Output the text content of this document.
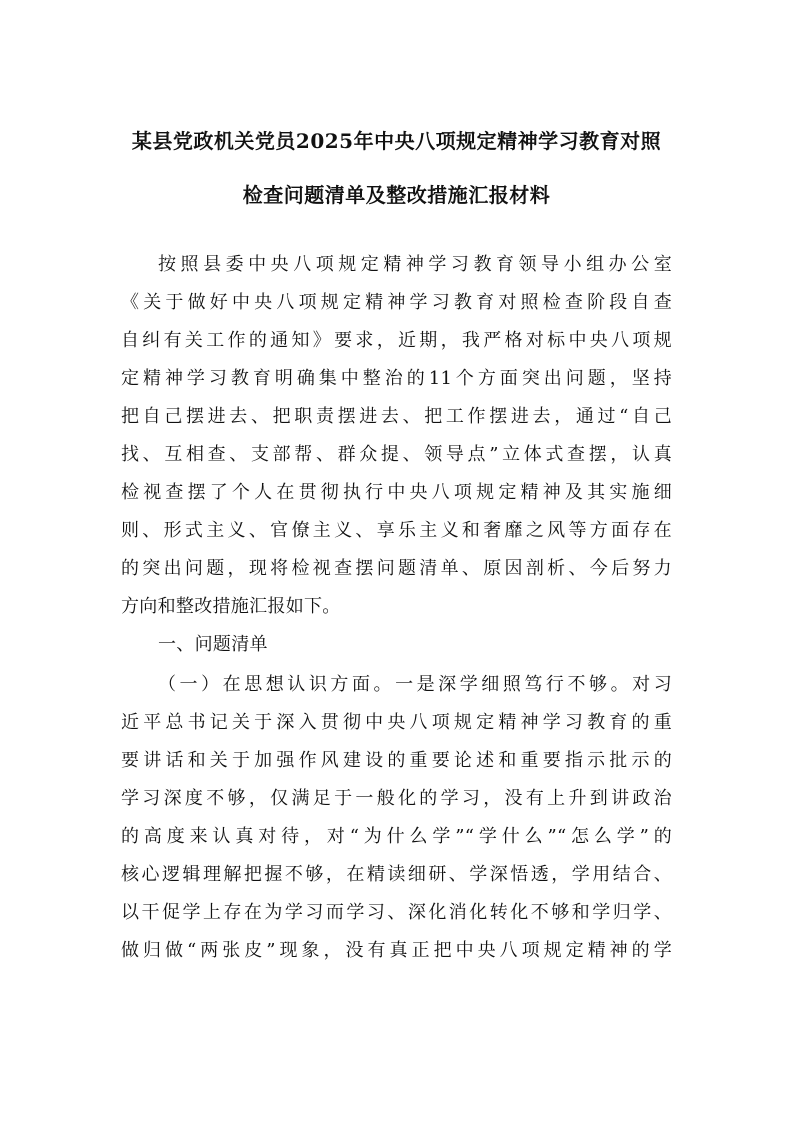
某县党政机关党员2025年中央八项规定精神学习教育对照
检查问题清单及整改措施汇报材料
按照县委中央八项规定精神学习教育领导小组办公室
《关于做好中央八项规定精神学习教育对照检查阶段自查
自纠有关工作的通知》要求，近期，我严格对标中央八项规
定精神学习教育明确集中整治的11个方面突出问题，坚持
把自己摆进去、把职责摆进去、把工作摆进去，通过“自己
找、互相查、支部帮、群众提、领导点”立体式查摆，认真
检视查摆了个人在贯彻执行中央八项规定精神及其实施细
则、形式主义、官僚主义、享乐主义和奢靡之风等方面存在
的突出问题，现将检视查摆问题清单、原因剖析、今后努力
方向和整改措施汇报如下。
一、问题清单
（一）在思想认识方面。一是深学细照笃行不够。对习
近平总书记关于深入贯彻中央八项规定精神学习教育的重
要讲话和关于加强作风建设的重要论述和重要指示批示的
学习深度不够，仅满足于一般化的学习，没有上升到讲政治
的高度来认真对待，对“为什么学”“学什么”“怎么学”的
核心逻辑理解把握不够，在精读细研、学深悟透，学用结合、
以干促学上存在为学习而学习、深化消化转化不够和学归学、
做归做“两张皮”现象，没有真正把中央八项规定精神的学
